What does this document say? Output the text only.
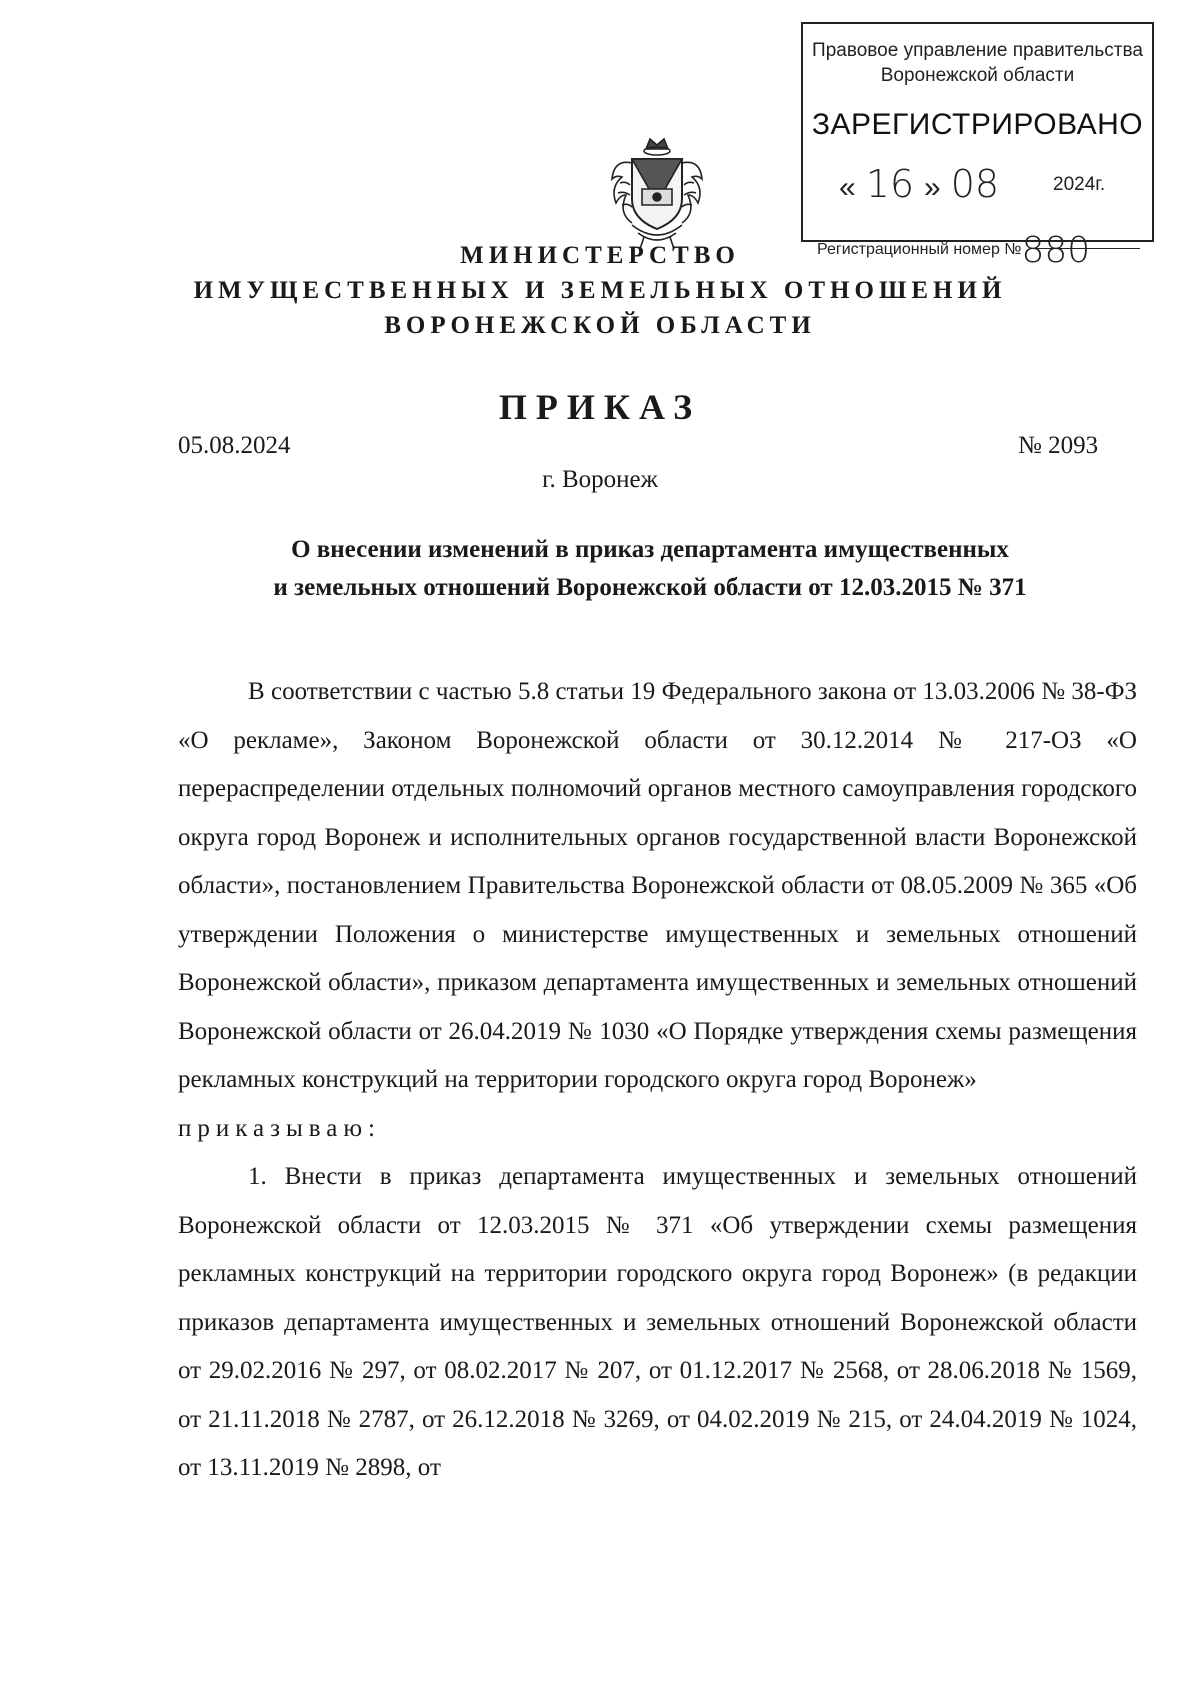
Правовое управление правительства
Воронежской области
ЗАРЕГИСТРИРОВАНО
« 16 » 08	2024г.
Регистрационный номер №880
МИНИСТЕРСТВО
ИМУЩЕСТВЕННЫХ И ЗЕМЕЛЬНЫХ ОТНОШЕНИЙ
ВОРОНЕЖСКОЙ ОБЛАСТИ
ПРИКАЗ
05.08.2024	№ 2093
г. Воронеж
О внесении изменений в приказ департамента имущественных
и земельных отношений Воронежской области от 12.03.2015 № 371

В соответствии с частью 5.8 статьи 19 Федерального закона от 13.03.2006 № 38-ФЗ «О рекламе», Законом Воронежской области от 30.12.2014 № 217-ОЗ «О перераспределении отдельных полномочий органов местного самоуправления городского округа город Воронеж и исполнительных органов государственной власти Воронежской области», постановлением Правительства Воронежской области от 08.05.2009 № 365 «Об утверждении Положения о министерстве имущественных и земельных отношений Воронежской области», приказом департамента имущественных и земельных отношений Воронежской области от 26.04.2019 № 1030 «О Порядке утверждения схемы размещения рекламных конструкций на территории городского округа город Воронеж»

приказываю:

1. Внести в приказ департамента имущественных и земельных отношений Воронежской области от 12.03.2015 № 371 «Об утверждении схемы размещения рекламных конструкций на территории городского округа город Воронеж» (в редакции приказов департамента имущественных и земельных отношений Воронежской области от 29.02.2016 № 297, от 08.02.2017 № 207, от 01.12.2017 № 2568, от 28.06.2018 № 1569, от 21.11.2018 № 2787, от 26.12.2018 № 3269, от 04.02.2019 № 215, от 24.04.2019 № 1024, от 13.11.2019 № 2898, от
